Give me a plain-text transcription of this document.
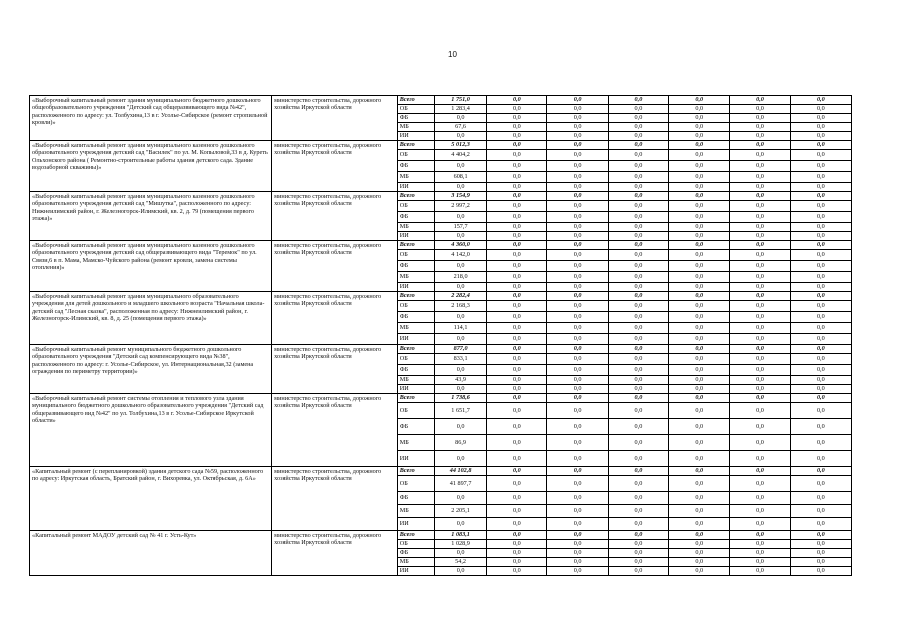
10
«Выборочный капитальный ремонт здания муниципального бюджетного дошкольного общеобразовательного учреждения "Детский сад общеразвивающего вида №42", расположенного по адресу: ул. Толбухина,13 в г. Усолье-Сибирское (ремонт стропильной кровли)»	министерство строительства, дорожного хозяйства Иркутской области	Всего	1 751,0	0,0	0,0	0,0	0,0	0,0	0,0
		ОБ	1 283,4	0,0	0,0	0,0	0,0	0,0	0,0
		ФБ	0,0	0,0	0,0	0,0	0,0	0,0	0,0
		МБ	67,6	0,0	0,0	0,0	0,0	0,0	0,0
		ИИ	0,0	0,0	0,0	0,0	0,0	0,0	0,0
«Выборочный капитальный ремонт здания муниципального казенного дошкольного образовательного учреждения детский сад "Василек" по ул. М. Копыловой,33 в д. Куреть Ольхонского района ( Ремонтно-строительные работы здания детского сада. Здание водозаборной скважины)»	министерство строительства, дорожного хозяйства Иркутской области	Всего	5 012,3	0,0	0,0	0,0	0,0	0,0	0,0
		ОБ	4 404,2	0,0	0,0	0,0	0,0	0,0	0,0
		ФБ	0,0	0,0	0,0	0,0	0,0	0,0	0,0
		МБ	608,1	0,0	0,0	0,0	0,0	0,0	0,0
		ИИ	0,0	0,0	0,0	0,0	0,0	0,0	0,0
«Выборочный капитальный ремонт здания муниципального казенного дошкольного образовательного учреждения детский сад "Мишутка", расположенного по адресу: Нижнеилимский район, г. Железногорск-Илимский, кв. 2, д. 79 (помещения первого этажа)»	министерство строительства, дорожного хозяйства Иркутской области	Всего	3 154,9	0,0	0,0	0,0	0,0	0,0	0,0
		ОБ	2 997,2	0,0	0,0	0,0	0,0	0,0	0,0
		ФБ	0,0	0,0	0,0	0,0	0,0	0,0	0,0
		МБ	157,7	0,0	0,0	0,0	0,0	0,0	0,0
		ИИ	0,0	0,0	0,0	0,0	0,0	0,0	0,0
«Выборочный капитальный ремонт здания муниципального казенного дошкольного образовательного учреждения детский сад общеразвивающего вида "Теремок" по ул. Связи,6 в п. Мама, Мамско-Чуйского района (ремонт кровли, замена системы отопления)»	министерство строительства, дорожного хозяйства Иркутской области	Всего	4 360,0	0,0	0,0	0,0	0,0	0,0	0,0
		ОБ	4 142,0	0,0	0,0	0,0	0,0	0,0	0,0
		ФБ	0,0	0,0	0,0	0,0	0,0	0,0	0,0
		МБ	218,0	0,0	0,0	0,0	0,0	0,0	0,0
		ИИ	0,0	0,0	0,0	0,0	0,0	0,0	0,0
«Выборочный капитальный ремонт здания муниципального образовательного учреждения для детей дошкольного и младшего школьного возраста "Начальная школа-детский сад "Лесная сказка", расположенная по адресу: Нижнеилимский район, г. Железногорск-Илимский, кв. 8, д. 25 (помещения первого этажа)»	министерство строительства, дорожного хозяйства Иркутской области	Всего	2 282,4	0,0	0,0	0,0	0,0	0,0	0,0
		ОБ	2 168,3	0,0	0,0	0,0	0,0	0,0	0,0
		ФБ	0,0	0,0	0,0	0,0	0,0	0,0	0,0
		МБ	114,1	0,0	0,0	0,0	0,0	0,0	0,0
		ИИ	0,0	0,0	0,0	0,0	0,0	0,0	0,0
«Выборочный капитальный ремонт муниципального бюджетного дошкольного образовательного учреждения "Детский сад компенсирующего вида №38", расположенного по адресу: г. Усолье-Сибирское, ул. Интернациональная,32 (замена ограждения по периметру территории)»	министерство строительства, дорожного хозяйства Иркутской области	Всего	877,0	0,0	0,0	0,0	0,0	0,0	0,0
		ОБ	833,1	0,0	0,0	0,0	0,0	0,0	0,0
		ФБ	0,0	0,0	0,0	0,0	0,0	0,0	0,0
		МБ	43,9	0,0	0,0	0,0	0,0	0,0	0,0
		ИИ	0,0	0,0	0,0	0,0	0,0	0,0	0,0
«Выборочный капитальный ремонт системы отопления и теплового узла здания муниципального бюджетного дошкольного образовательного учреждения "Детский сад общеразвивающего вид №42" по ул. Толбухина,13 в г. Усолье-Сибирское Иркутской области»	министерство строительства, дорожного хозяйства Иркутской области	Всего	1 738,6	0,0	0,0	0,0	0,0	0,0	0,0
		ОБ	1 651,7	0,0	0,0	0,0	0,0	0,0	0,0
		ФБ	0,0	0,0	0,0	0,0	0,0	0,0	0,0
		МБ	86,9	0,0	0,0	0,0	0,0	0,0	0,0
		ИИ	0,0	0,0	0,0	0,0	0,0	0,0	0,0
«Капитальный ремонт (с перепланировкой) здания детского сада №59, расположенного по адресу: Иркутская область, Братский район, г. Вихоревка, ул. Октябрьская, д. 6А»	министерство строительства, дорожного хозяйства Иркутской области	Всего	44 102,8	0,0	0,0	0,0	0,0	0,0	0,0
		ОБ	41 897,7	0,0	0,0	0,0	0,0	0,0	0,0
		ФБ	0,0	0,0	0,0	0,0	0,0	0,0	0,0
		МБ	2 205,1	0,0	0,0	0,0	0,0	0,0	0,0
		ИИ	0,0	0,0	0,0	0,0	0,0	0,0	0,0
«Капитальный ремонт МАДОУ детский сад № 41 г. Усть-Кут»	министерство строительства, дорожного хозяйства Иркутской области	Всего	1 083,1	0,0	0,0	0,0	0,0	0,0	0,0
		ОБ	1 028,9	0,0	0,0	0,0	0,0	0,0	0,0
		ФБ	0,0	0,0	0,0	0,0	0,0	0,0	0,0
		МБ	54,2	0,0	0,0	0,0	0,0	0,0	0,0
		ИИ	0,0	0,0	0,0	0,0	0,0	0,0	0,0
